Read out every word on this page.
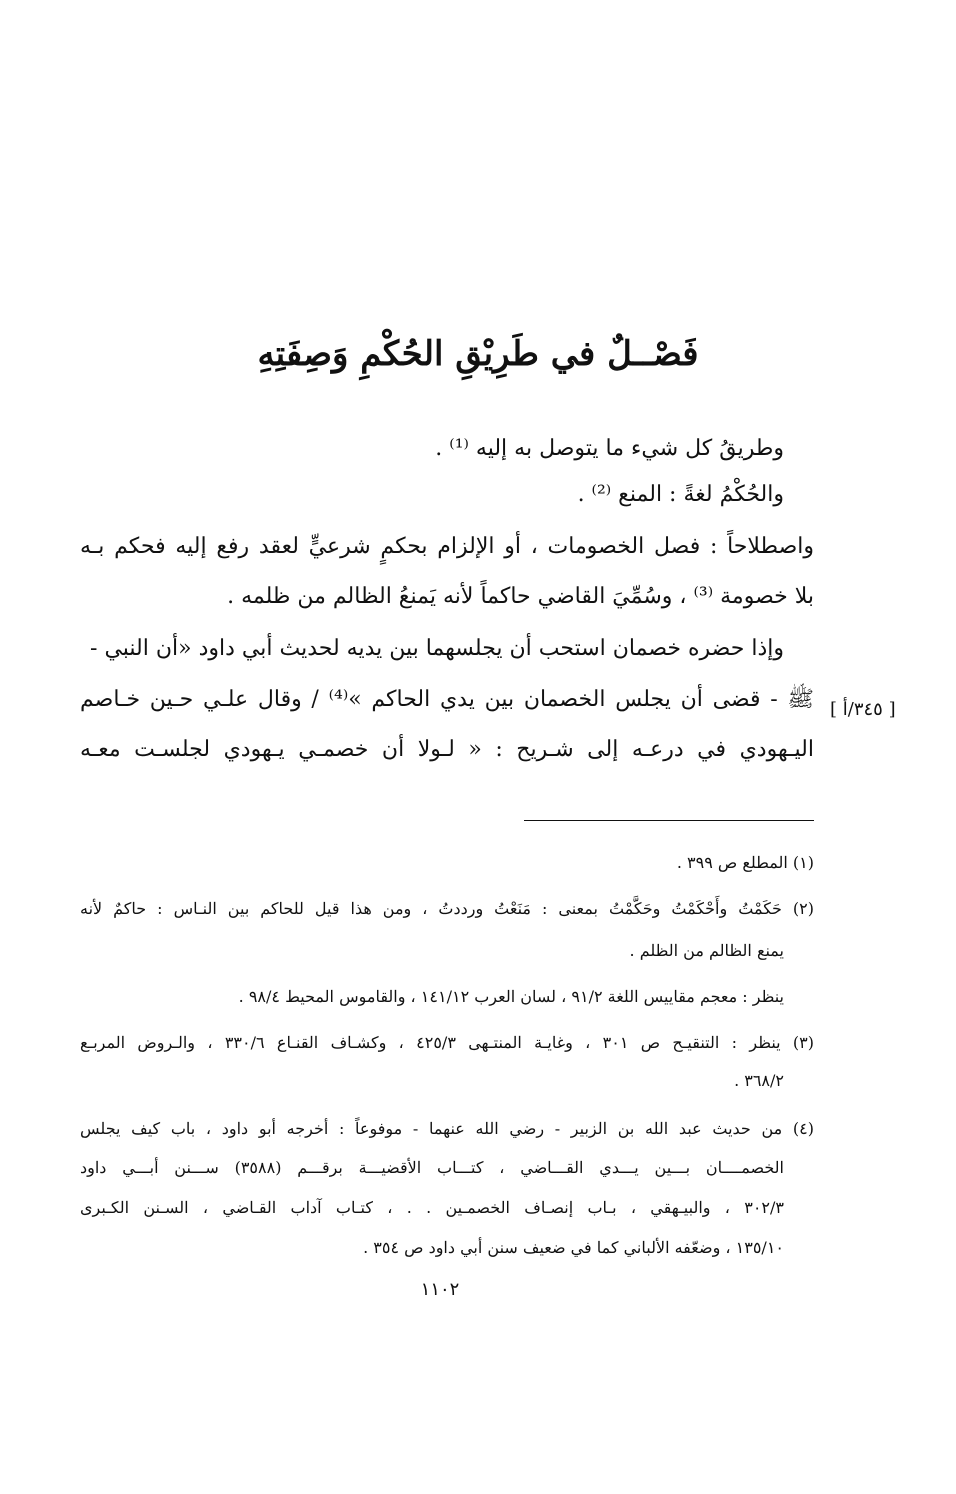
فَصْــلٌ في طَرِيْقِ الحُكْمِ وَصِفَتِهِ
وطريقُ كل شيء ما يتوصل به إليه ⁽¹⁾ .
والحُكْمُ لغةً : المنع ⁽²⁾ .
واصطلاحاً : فصل الخصومات ، أو الإلزام بحكمٍ شرعيٍّ لعقد رفع إليه فحكم بـه
بلا خصومة ⁽³⁾ ، وسُمِّيَ القاضي حاكماً لأنه يَمنعُ الظالم من ظلمه .
وإذا حضره خصمان استحب أن يجلسهما بين يديه لحديث أبي داود «أن النبي -
ﷺ - قضى أن يجلس الخصمان بين يدي الحاكم »⁽⁴⁾ / وقال علـي حـين خـاصم
اليـهودي في درعـه إلى شـريح : « لـولا أن خصمـي يـهودي لجلسـت معـه
[ ٣٤٥/أ ]
(١) المطلع ص ٣٩٩ .
(٢) حَكَمْتُ وأَحْكَمْتُ وحَكَّمْتُ بمعنى : مَنَعْتُ ورددتُ ، ومن هذا قيل للحاكم بين النـاس : حاكمٌ لأنه
يمنع الظالم من الظلم .
ينظر : معجم مقاييس اللغة ٩١/٢ ، لسان العرب ١٤١/١٢ ، والقاموس المحيط ٩٨/٤ .
(٣) ينظر : التنقيـح ص ٣٠١ ، وغايـة المنتـهى ٤٢٥/٣ ، وكشـاف القنـاع ٣٣٠/٦ ، والـروض المربـع
٣٦٨/٢ .
(٤) من حديث عبد الله بن الزبير - رضي الله عنهما - موفوعاً : أخرجه أبو داود ، باب كيف يجلس
الخصمــــان بـــين يـــدي القـــاضي ، كتـــاب الأقضيـــة برقـــم (٣٥٨٨) ســـنن أبـــي داود
٣٠٢/٣ ، والبيـهقي ، بـاب إنصـاف الخصمـين . . ، كتـاب آداب القـاضي ، السـنن الكـبرى
١٣٥/١٠ ، وضعّفه الألباني كما في ضعيف سنن أبي داود ص ٣٥٤ .
١١٠٢
